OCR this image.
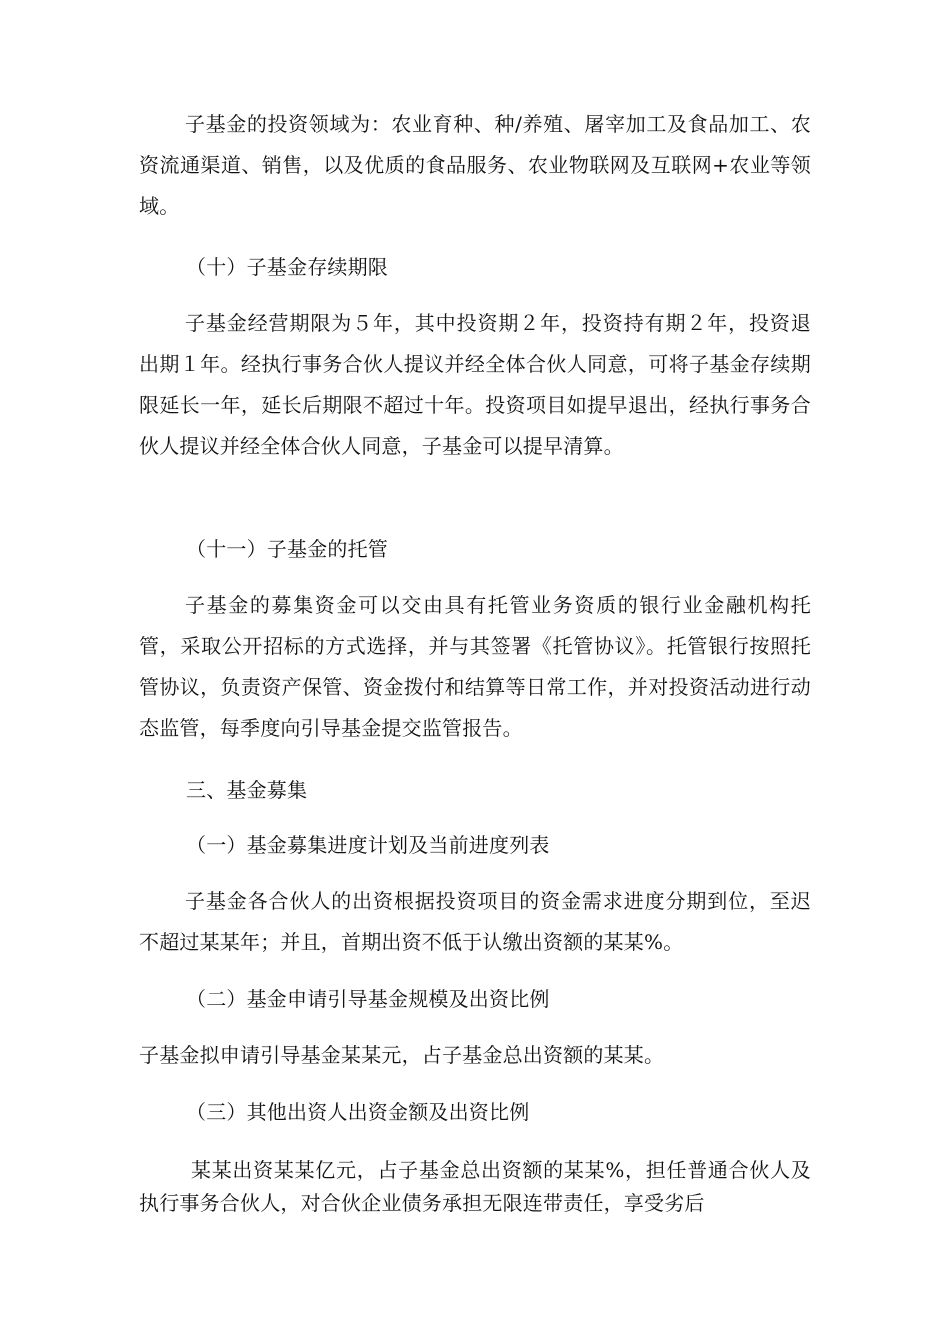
子基金的投资领域为：农业育种、种/养殖、屠宰加工及食品加工、农资流通渠道、销售，以及优质的食品服务、农业物联网及互联网+农业等领域。

（十）子基金存续期限

子基金经营期限为５年，其中投资期２年，投资持有期２年，投资退出期１年。经执行事务合伙人提议并经全体合伙人同意，可将子基金存续期限延长一年，延长后期限不超过十年。投资项目如提早退出，经执行事务合伙人提议并经全体合伙人同意，子基金可以提早清算。

（十一）子基金的托管

子基金的募集资金可以交由具有托管业务资质的银行业金融机构托管，采取公开招标的方式选择，并与其签署《托管协议》。托管银行按照托管协议，负责资产保管、资金拨付和结算等日常工作，并对投资活动进行动态监管，每季度向引导基金提交监管报告。

三、基金募集

（一）基金募集进度计划及当前进度列表

子基金各合伙人的出资根据投资项目的资金需求进度分期到位，至迟不超过某某年；并且，首期出资不低于认缴出资额的某某%。

（二）基金申请引导基金规模及出资比例

子基金拟申请引导基金某某元，占子基金总出资额的某某。

（三）其他出资人出资金额及出资比例

某某出资某某亿元，占子基金总出资额的某某%，担任普通合伙人及执行事务合伙人，对合伙企业债务承担无限连带责任，享受劣后
